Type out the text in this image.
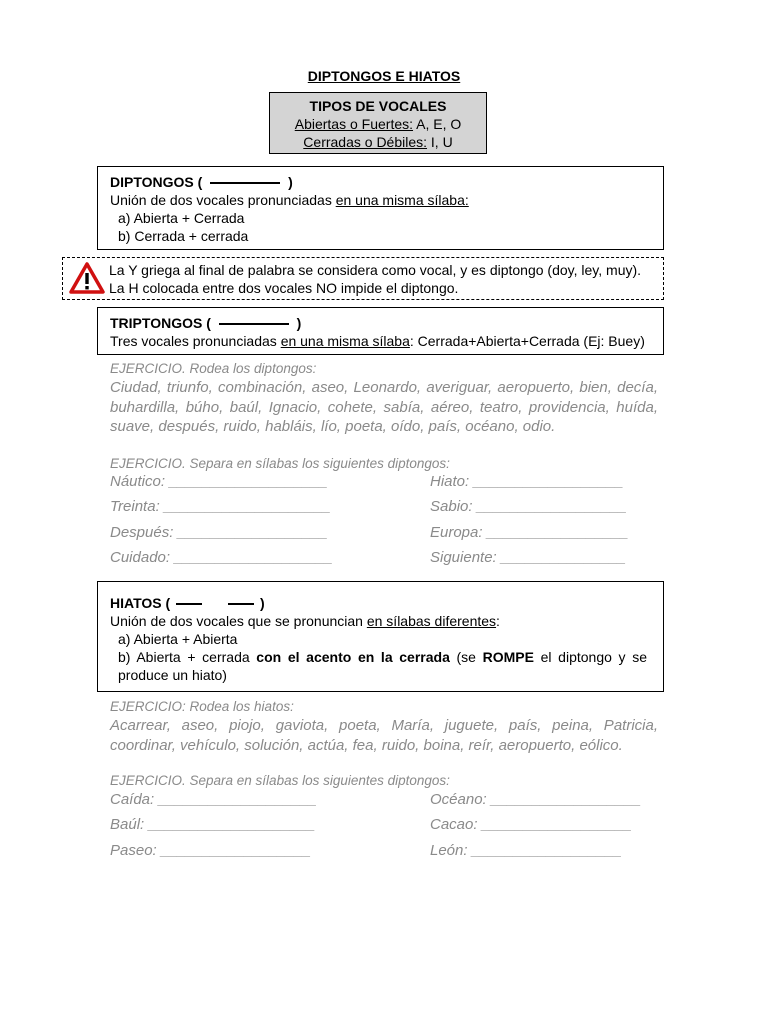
DIPTONGOS E HIATOS
TIPOS DE VOCALES
Abiertas o Fuertes: A, E, O
Cerradas o Débiles: I, U
DIPTONGOS (	)
Unión de dos vocales pronunciadas en una misma sílaba:
a) Abierta + Cerrada
b) Cerrada + cerrada
La Y griega al final de palabra se considera como vocal, y es diptongo (doy, ley, muy).
La H colocada entre dos vocales NO impide el diptongo.
TRIPTONGOS (	)
Tres vocales pronunciadas en una misma sílaba: Cerrada+Abierta+Cerrada (Ej: Buey)
EJERCICIO. Rodea los diptongos:
Ciudad, triunfo, combinación, aseo, Leonardo, averiguar, aeropuerto, bien, decía, buhardilla, búho, baúl, Ignacio, cohete, sabía, aéreo, teatro, providencia, huída, suave, después, ruido, habláis, lío, poeta, oído, país, océano, odio.
EJERCICIO. Separa en sílabas los siguientes diptongos:
Náutico: ___________________
Treinta: ____________________
Después: __________________
Cuidado: ___________________
Hiato: __________________
Sabio: __________________
Europa: _________________
Siguiente: _______________
HIATOS (	)
Unión de dos vocales que se pronuncian en sílabas diferentes:
a) Abierta + Abierta
b) Abierta + cerrada con el acento en la cerrada (se ROMPE el diptongo y se produce un hiato)
EJERCICIO: Rodea los hiatos:
Acarrear, aseo, piojo, gaviota, poeta, María, juguete, país, peina, Patricia, coordinar, vehículo, solución, actúa, fea, ruido, boina, reír, aeropuerto, eólico.
EJERCICIO. Separa en sílabas los siguientes diptongos:
Caída: ___________________
Baúl: ____________________
Paseo: __________________
Océano: __________________
Cacao: __________________
León: __________________
